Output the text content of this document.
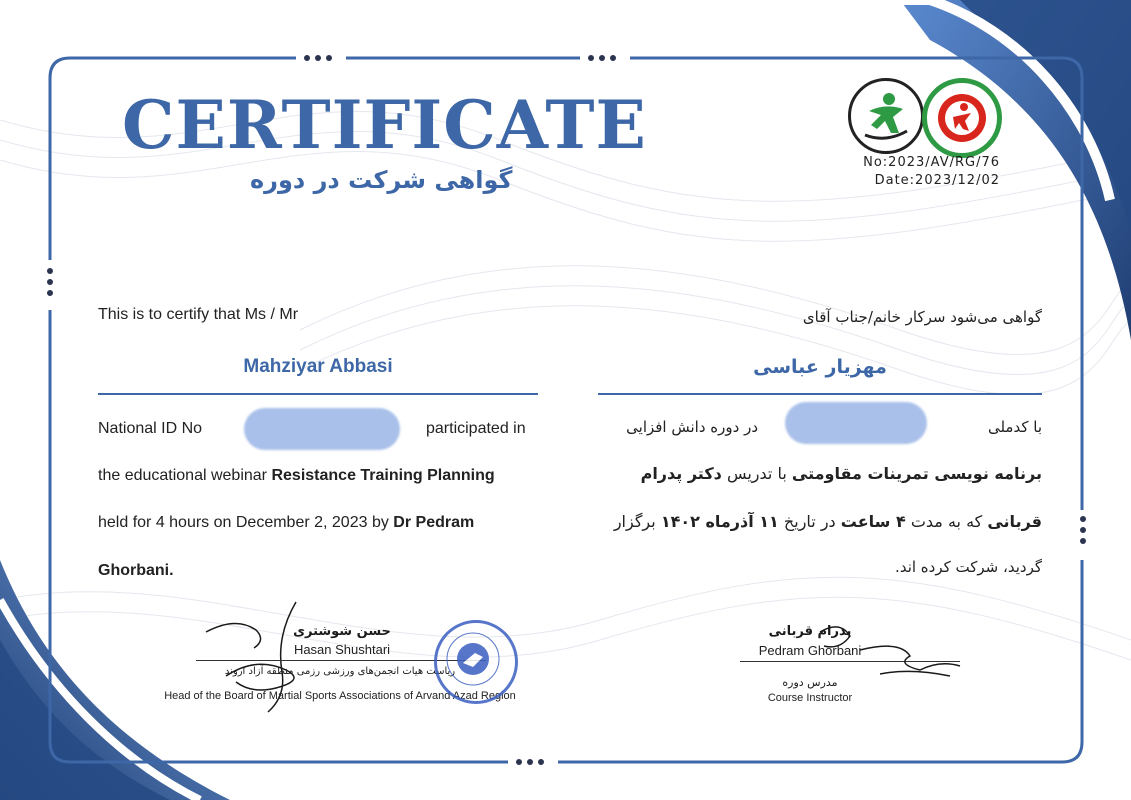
CERTIFICATE
گواهی شرکت در دوره
No:2023/AV/RG/76
Date:2023/12/02
This is to certify that Ms / Mr
Mahziyar Abbasi
National ID No	participated in
the educational webinar Resistance Training Planning
held for 4 hours on December 2, 2023 by Dr Pedram
Ghorbani.
گواهی می‌شود سرکار خانم/جناب آقای
مهزیار عباسی
با کدملی
در دوره دانش افزایی
برنامه نویسی تمرینات مقاومتی با تدریس دکتر پدرام
قربانی که به مدت ۴ ساعت در تاریخ ۱۱ آذرماه ۱۴۰۲ برگزار
گردید، شرکت کرده اند.
حسن شوشتری
Hasan Shushtari
ریاست هیات انجمن‌های ورزشی رزمی منطقه آزاد اروند
Head of the Board of Martial Sports Associations of Arvand Azad Region
پدرام قربانی
Pedram Ghorbani
مدرس دوره
Course Instructor
